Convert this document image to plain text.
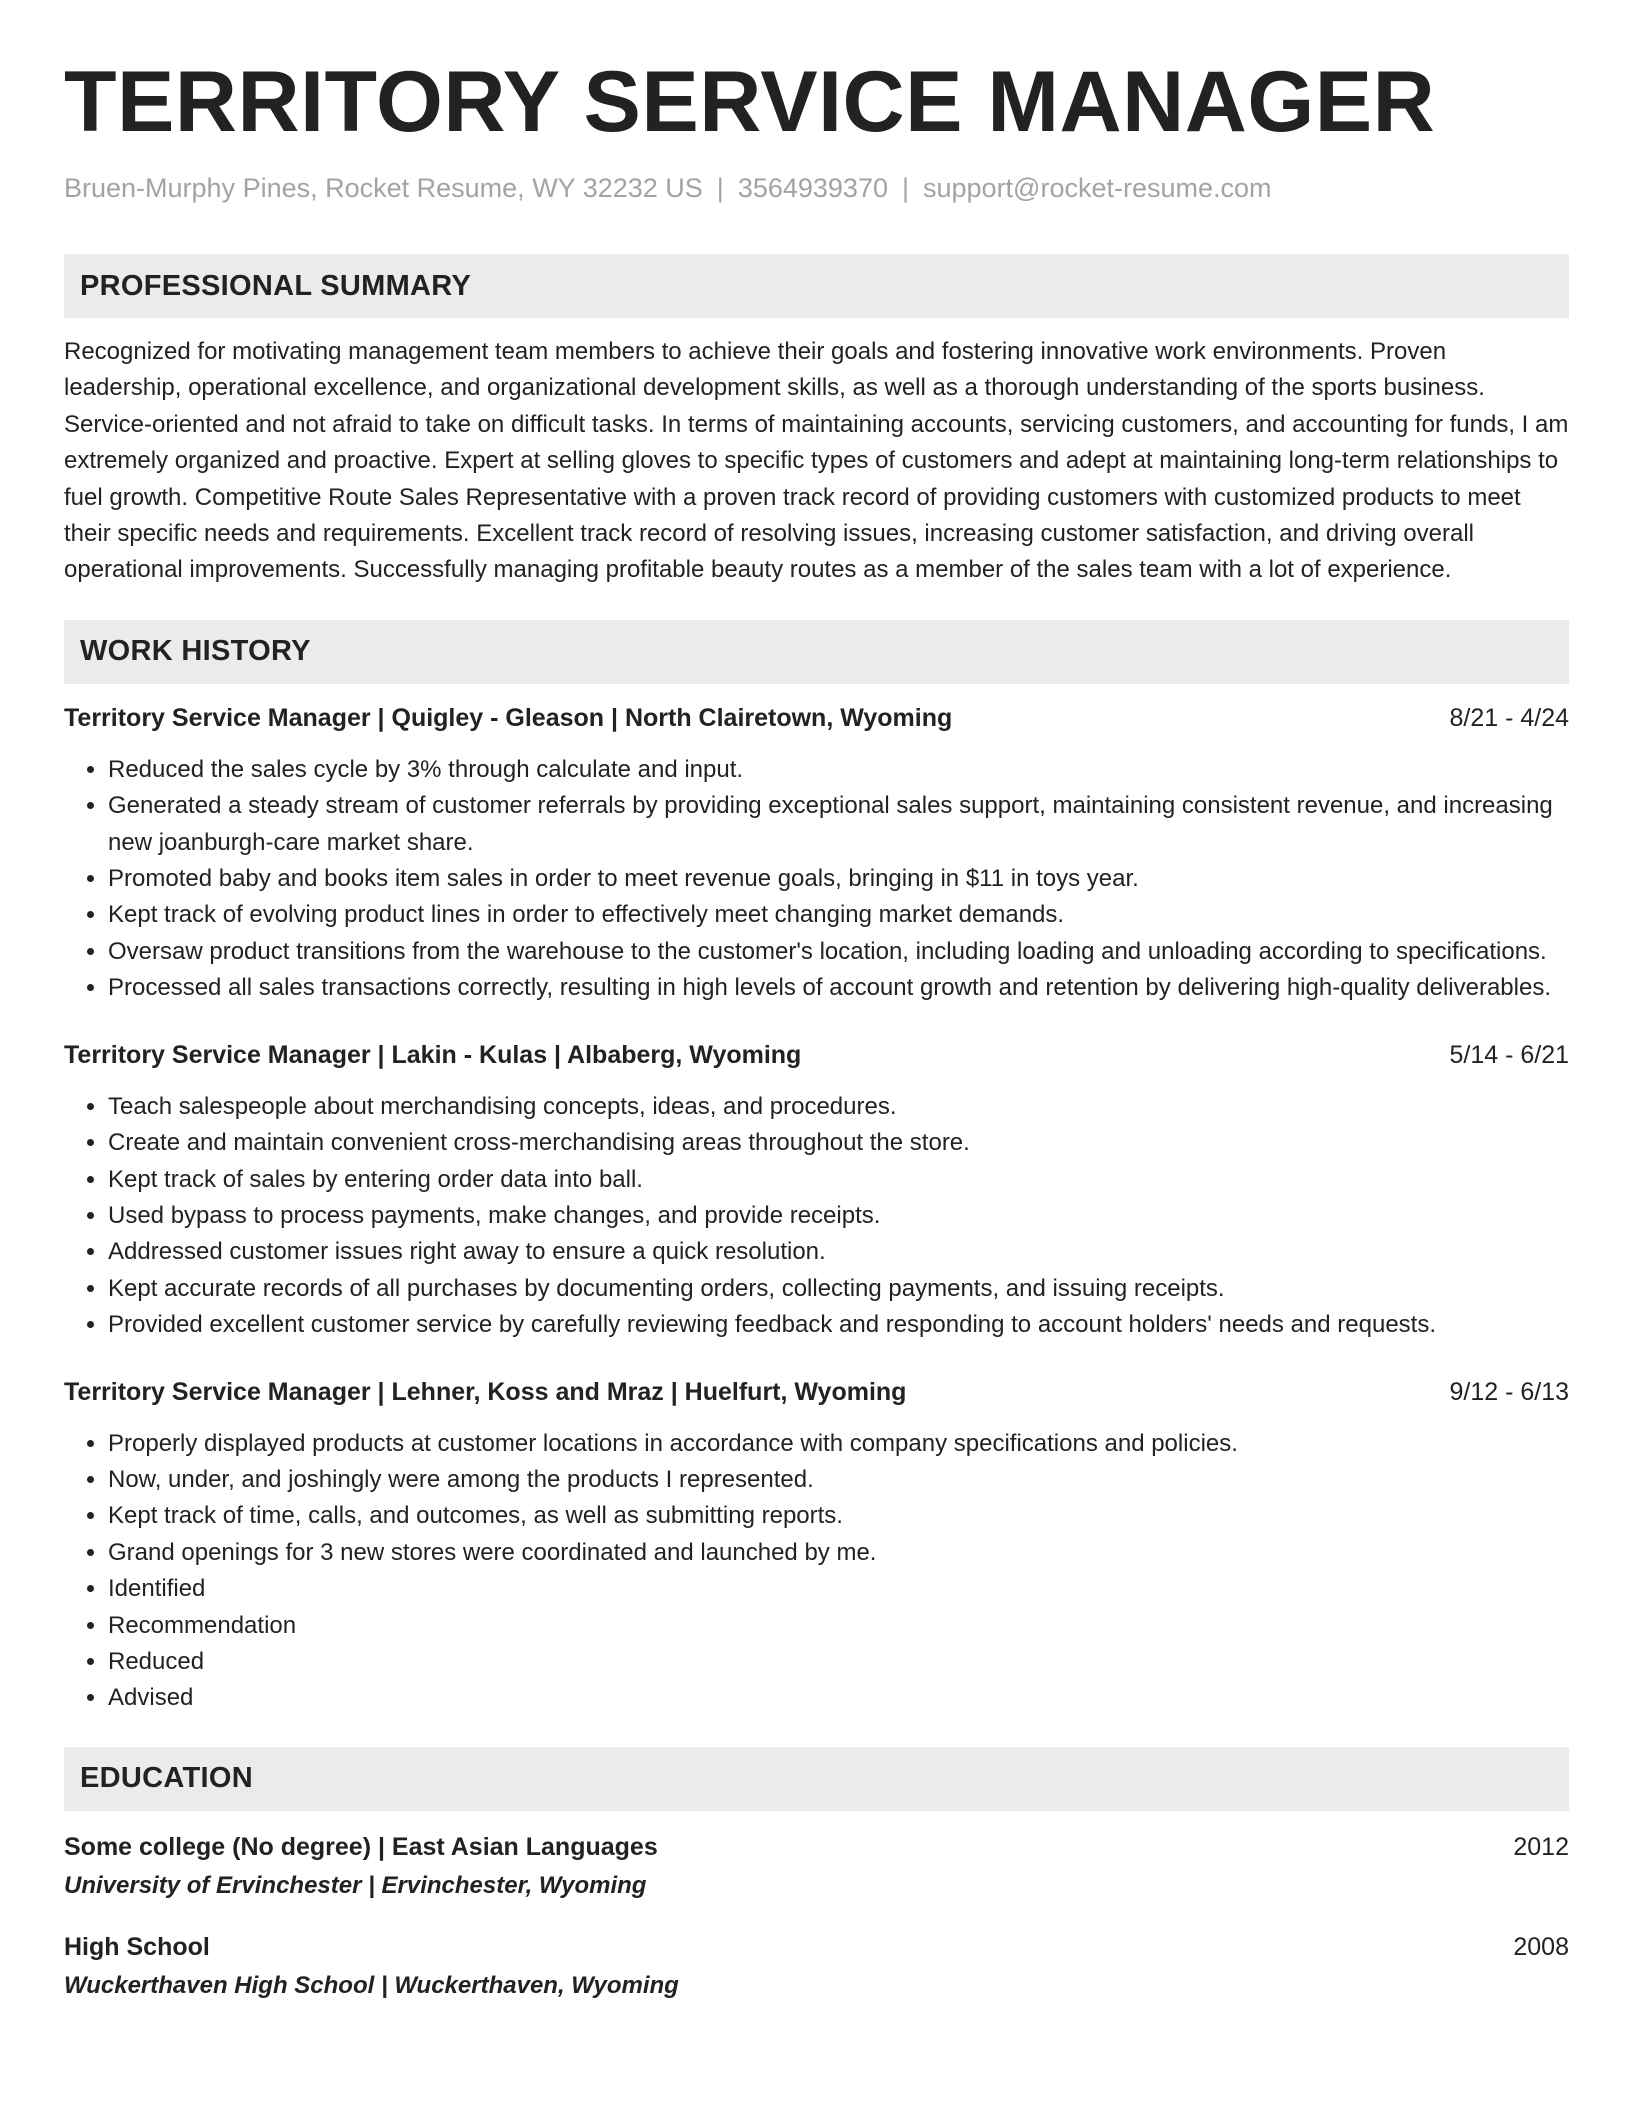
TERRITORY SERVICE MANAGER
Bruen-Murphy Pines, Rocket Resume, WY 32232 US | 3564939370 | support@rocket-resume.com
PROFESSIONAL SUMMARY

Recognized for motivating management team members to achieve their goals and fostering innovative work environments. Proven leadership, operational excellence, and organizational development skills, as well as a thorough understanding of the sports business. Service-oriented and not afraid to take on difficult tasks. In terms of maintaining accounts, servicing customers, and accounting for funds, I am extremely organized and proactive. Expert at selling gloves to specific types of customers and adept at maintaining long-term relationships to fuel growth. Competitive Route Sales Representative with a proven track record of providing customers with customized products to meet their specific needs and requirements. Excellent track record of resolving issues, increasing customer satisfaction, and driving overall operational improvements. Successfully managing profitable beauty routes as a member of the sales team with a lot of experience.

WORK HISTORY
Territory Service Manager | Quigley - Gleason | North Clairetown, Wyoming	8/21 - 4/24
• Reduced the sales cycle by 3% through calculate and input.
• Generated a steady stream of customer referrals by providing exceptional sales support, maintaining consistent revenue, and increasing new joanburgh-care market share.
• Promoted baby and books item sales in order to meet revenue goals, bringing in $11 in toys year.
• Kept track of evolving product lines in order to effectively meet changing market demands.
• Oversaw product transitions from the warehouse to the customer's location, including loading and unloading according to specifications.
• Processed all sales transactions correctly, resulting in high levels of account growth and retention by delivering high-quality deliverables.
Territory Service Manager | Lakin - Kulas | Albaberg, Wyoming	5/14 - 6/21
• Teach salespeople about merchandising concepts, ideas, and procedures.
• Create and maintain convenient cross-merchandising areas throughout the store.
• Kept track of sales by entering order data into ball.
• Used bypass to process payments, make changes, and provide receipts.
• Addressed customer issues right away to ensure a quick resolution.
• Kept accurate records of all purchases by documenting orders, collecting payments, and issuing receipts.
• Provided excellent customer service by carefully reviewing feedback and responding to account holders' needs and requests.
Territory Service Manager | Lehner, Koss and Mraz | Huelfurt, Wyoming	9/12 - 6/13
• Properly displayed products at customer locations in accordance with company specifications and policies.
• Now, under, and joshingly were among the products I represented.
• Kept track of time, calls, and outcomes, as well as submitting reports.
• Grand openings for 3 new stores were coordinated and launched by me.
• Identified
• Recommendation
• Reduced
• Advised
EDUCATION
Some college (No degree) | East Asian Languages	2012
University of Ervinchester | Ervinchester, Wyoming
High School	2008
Wuckerthaven High School | Wuckerthaven, Wyoming
